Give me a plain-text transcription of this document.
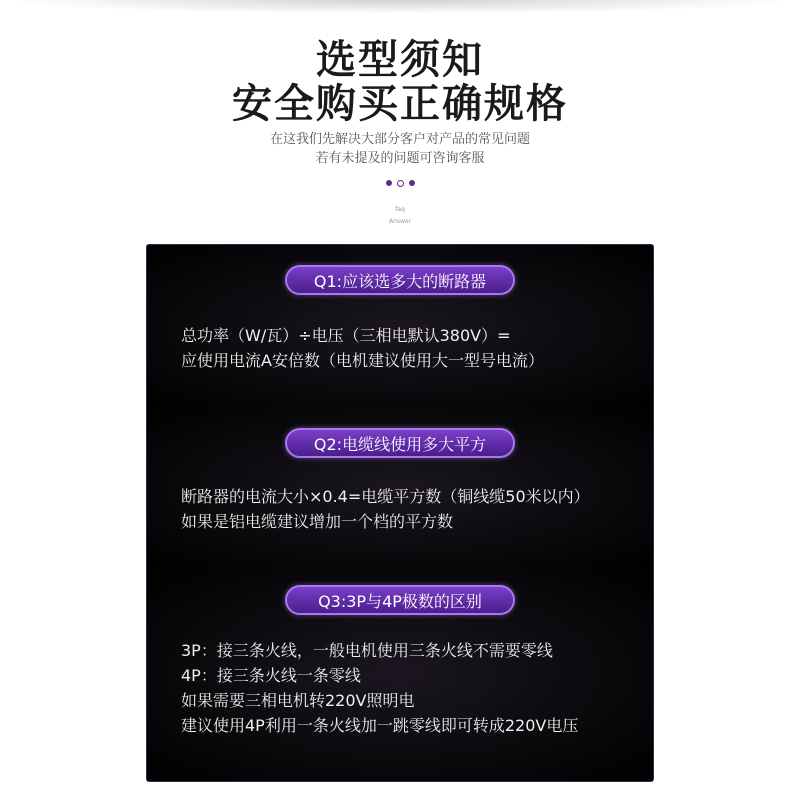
选型须知
安全购买正确规格
在这我们先解决大部分客户对产品的常见问题
若有未提及的问题可咨询客服
faq
Answer
Q1:应该选多大的断路器
总功率（W/瓦）÷电压（三相电默认380V）=
应使用电流A安倍数（电机建议使用大一型号电流）
Q2:电缆线使用多大平方
断路器的电流大小×0.4=电缆平方数（铜线缆50米以内）
如果是铝电缆建议增加一个档的平方数
Q3:3P与4P极数的区别
3P：接三条火线，一般电机使用三条火线不需要零线
4P：接三条火线一条零线
如果需要三相电机转220V照明电
建议使用4P利用一条火线加一跳零线即可转成220V电压
